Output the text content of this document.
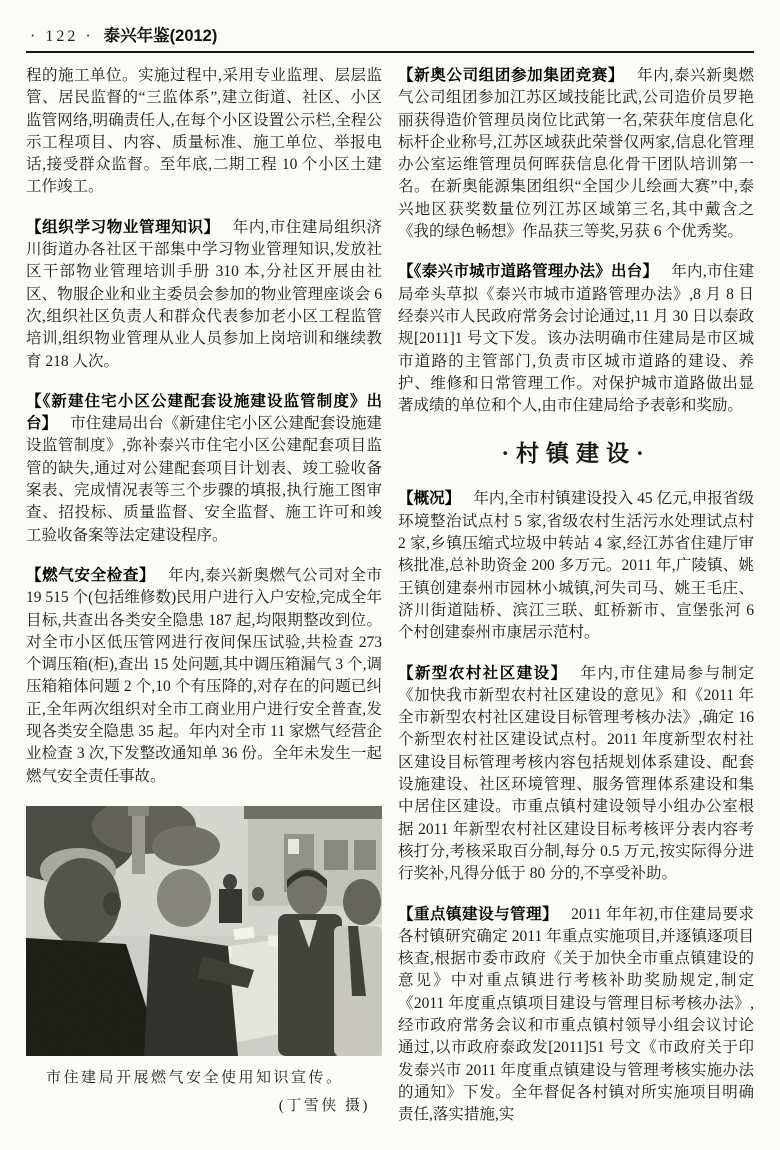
· 122 · 泰兴年鉴(2012)

程的施工单位。实施过程中,采用专业监理、层层监管、居民监督的“三监体系”,建立街道、社区、小区监管网络,明确责任人,在每个小区设置公示栏,全程公示工程项目、内容、质量标准、施工单位、举报电话,接受群众监督。至年底,二期工程 10 个小区土建工作竣工。

【组织学习物业管理知识】 年内,市住建局组织济川街道办各社区干部集中学习物业管理知识,发放社区干部物业管理培训手册 310 本,分社区开展由社区、物服企业和业主委员会参加的物业管理座谈会 6 次,组织社区负责人和群众代表参加老小区工程监管培训,组织物业管理从业人员参加上岗培训和继续教育 218 人次。

【《新建住宅小区公建配套设施建设监管制度》出台】 市住建局出台《新建住宅小区公建配套设施建设监管制度》,弥补泰兴市住宅小区公建配套项目监管的缺失,通过对公建配套项目计划表、竣工验收备案表、完成情况表等三个步骤的填报,执行施工图审查、招投标、质量监督、安全监督、施工许可和竣工验收备案等法定建设程序。

【燃气安全检查】 年内,泰兴新奥燃气公司对全市 19 515 个(包括维修数)民用户进行入户安检,完成全年目标,共查出各类安全隐患 187 起,均限期整改到位。对全市小区低压管网进行夜间保压试验,共检查 273 个调压箱(柜),查出 15 处问题,其中调压箱漏气 3 个,调压箱箱体问题 2 个,10 个有压降的,对存在的问题已纠正,全年两次组织对全市工商业用户进行安全普查,发现各类安全隐患 35 起。年内对全市 11 家燃气经营企业检查 3 次,下发整改通知单 36 份。全年未发生一起燃气安全责任事故。

市住建局开展燃气安全使用知识宣传。
(丁雪侠 摄)

【新奥公司组团参加集团竞赛】 年内,泰兴新奥燃气公司组团参加江苏区域技能比武,公司造价员罗艳丽获得造价管理员岗位比武第一名,荣获年度信息化标杆企业称号,江苏区域获此荣誉仅两家,信息化管理办公室运维管理员何晖获信息化骨干团队培训第一名。在新奥能源集团组织“全国少儿绘画大赛”中,泰兴地区获奖数量位列江苏区域第三名,其中戴含之《我的绿色畅想》作品获三等奖,另获 6 个优秀奖。

【《泰兴市城市道路管理办法》出台】 年内,市住建局牵头草拟《泰兴市城市道路管理办法》,8 月 8 日经泰兴市人民政府常务会讨论通过,11 月 30 日以泰政规[2011]1 号文下发。该办法明确市住建局是市区城市道路的主管部门,负责市区城市道路的建设、养护、维修和日常管理工作。对保护城市道路做出显著成绩的单位和个人,由市住建局给予表彰和奖励。

·村镇建设·

【概况】 年内,全市村镇建设投入 45 亿元,申报省级环境整治试点村 5 家,省级农村生活污水处理试点村 2 家,乡镇压缩式垃圾中转站 4 家,经江苏省住建厅审核批准,总补助资金 200 多万元。2011 年,广陵镇、姚王镇创建泰州市园林小城镇,河失司马、姚王毛庄、济川街道陆桥、滨江三联、虹桥新市、宣堡张河 6 个村创建泰州市康居示范村。

【新型农村社区建设】 年内,市住建局参与制定《加快我市新型农村社区建设的意见》和《2011 年全市新型农村社区建设目标管理考核办法》,确定 16 个新型农村社区建设试点村。2011 年度新型农村社区建设目标管理考核内容包括规划体系建设、配套设施建设、社区环境管理、服务管理体系建设和集中居住区建设。市重点镇村建设领导小组办公室根据 2011 年新型农村社区建设目标考核评分表内容考核打分,考核采取百分制,每分 0.5 万元,按实际得分进行奖补,凡得分低于 80 分的,不享受补助。

【重点镇建设与管理】 2011 年年初,市住建局要求各村镇研究确定 2011 年重点实施项目,并逐镇逐项目核查,根据市委市政府《关于加快全市重点镇建设的意见》中对重点镇进行考核补助奖励规定,制定《2011 年度重点镇项目建设与管理目标考核办法》,经市政府常务会议和市重点镇村领导小组会议讨论通过,以市政府泰政发[2011]51 号文《市政府关于印发泰兴市 2011 年度重点镇建设与管理考核实施办法的通知》下发。全年督促各村镇对所实施项目明确责任,落实措施,实
